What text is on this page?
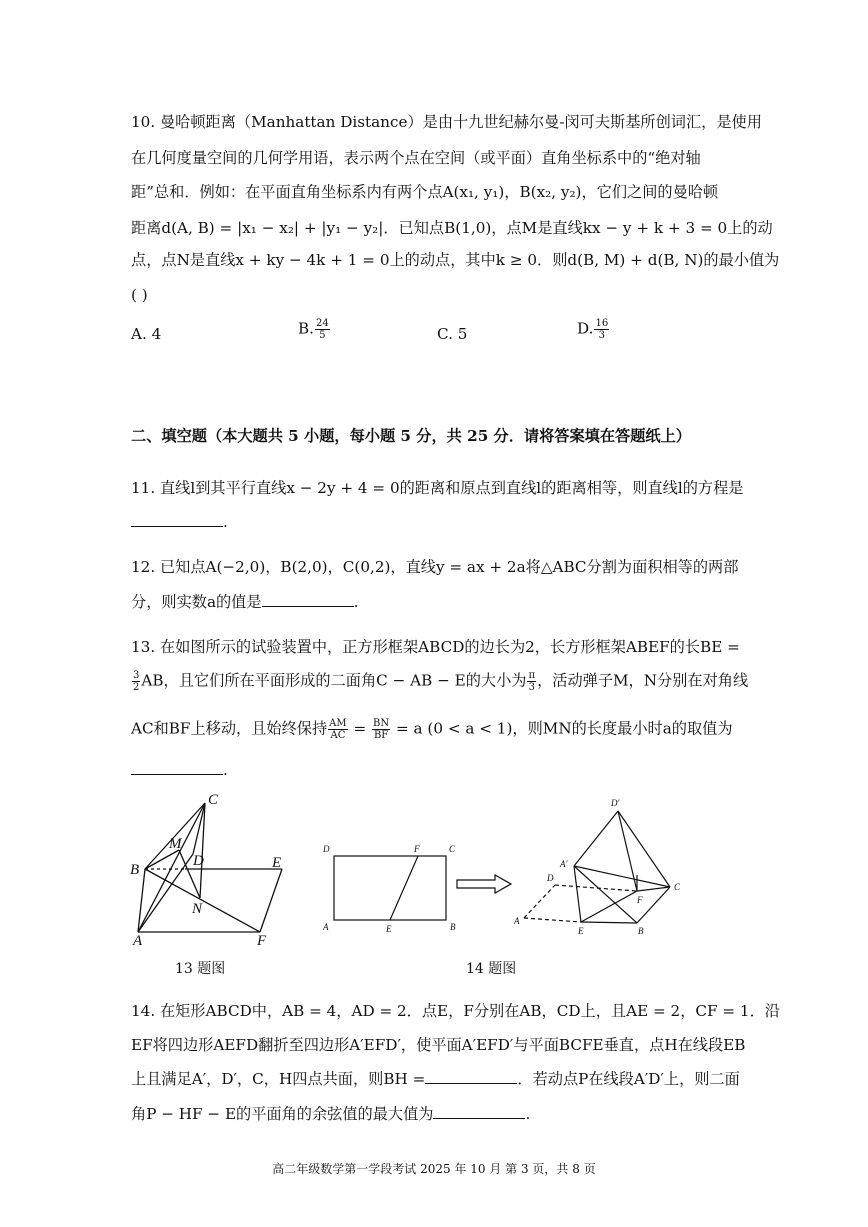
10. 曼哈顿距离（Manhattan Distance）是由十九世纪赫尔曼-闵可夫斯基所创词汇，是使用
在几何度量空间的几何学用语，表示两个点在空间（或平面）直角坐标系中的“绝对轴
距”总和．例如：在平面直角坐标系内有两个点A(x₁, y₁)，B(x₂, y₂)，它们之间的曼哈顿
距离d(A, B) = |x₁ − x₂| + |y₁ − y₂|．已知点B(1,0)，点M是直线kx − y + k + 3 = 0上的动
点，点N是直线x + ky − 4k + 1 = 0上的动点，其中k ≥ 0．则d(B, M) + d(B, N)的最小值为
( )
A. 4	B. $\frac{24}{5}$	C. 5	D. $\frac{16}{3}$
二、填空题（本大题共 5 小题，每小题 5 分，共 25 分．请将答案填在答题纸上）
11. 直线l到其平行直线x − 2y + 4 = 0的距离和原点到直线l的距离相等，则直线l的方程是
.
12. 已知点A(−2,0)，B(2,0)，C(0,2)，直线y = ax + 2a将△ABC分割为面积相等的两部
分，则实数a的值是	.
13. 在如图所示的试验装置中，正方形框架ABCD的边长为2，长方形框架ABEF的长BE =
$\frac{3}{2}$ AB，且它们所在平面形成的二面角C − AB − E的大小为 $\frac{\pi}{3}$ ，活动弹子M，N分别在对角线
AC和BF上移动，且始终保持 $\frac{AM}{AC} = \frac{BN}{BF} = a$ (0 < a < 1)，则MN的长度最小时a的取值为
.
C
M
B
D	E
N
A	F
13 题图
D	F	C
A	E	B
D'
A'
D
F
C
A
E	B
14 题图
14. 在矩形ABCD中，AB = 4，AD = 2．点E，F分别在AB，CD上，且AE = 2，CF = 1．沿
EF将四边形AEFD翻折至四边形A′EFD′，使平面A′EFD′与平面BCFE垂直，点H在线段EB
上且满足A′，D′，C，H四点共面，则BH =	．若动点P在线段A′D′上，则二面
角P − HF − E的平面角的余弦值的最大值为	.
高二年级数学第一学段考试 2025 年 10 月 第 3 页，共 8 页
